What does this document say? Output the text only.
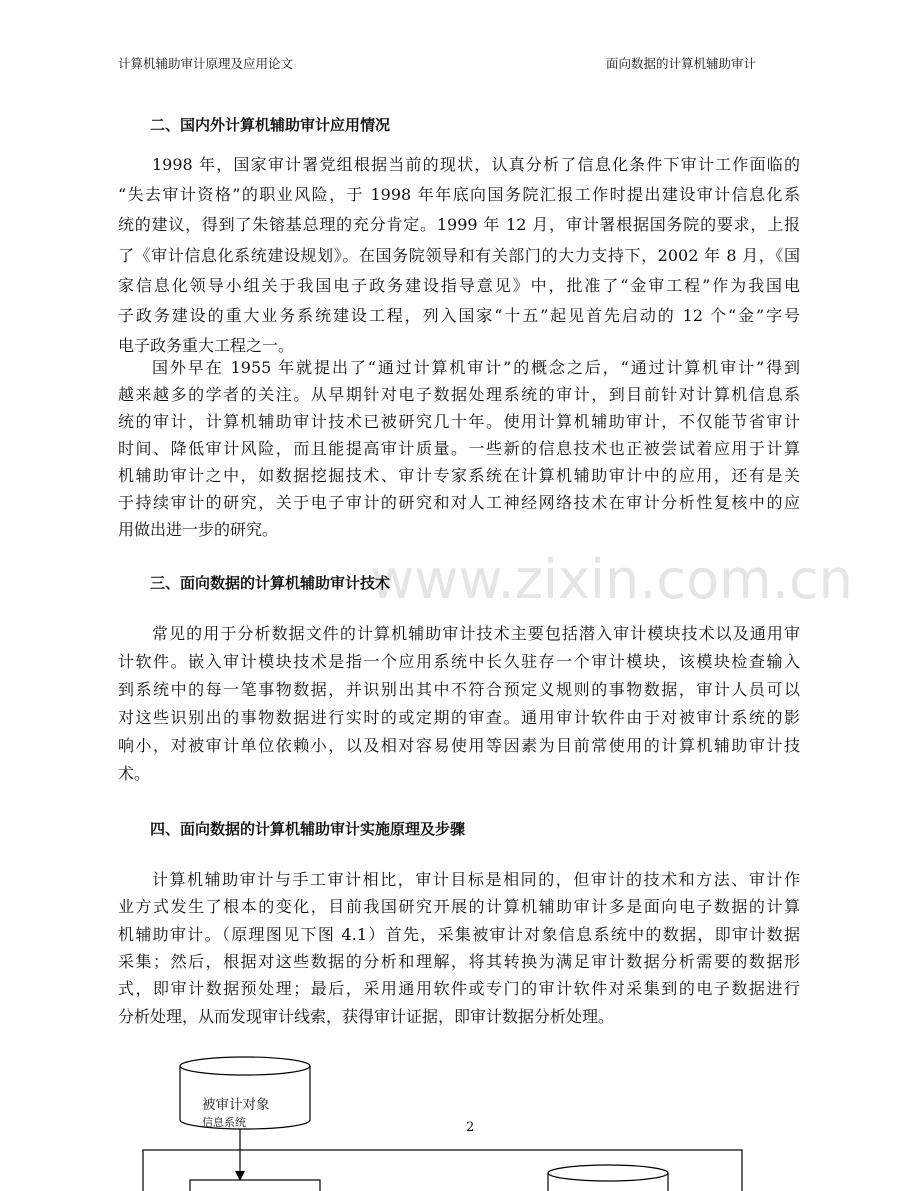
计算机辅助审计原理及应用论文	面向数据的计算机辅助审计
www.zixin.com.cn
二、国内外计算机辅助审计应用情况
1998 年，国家审计署党组根据当前的现状，认真分析了信息化条件下审计工作面临的
“失去审计资格”的职业风险，于 1998 年年底向国务院汇报工作时提出建设审计信息化系
统的建议，得到了朱镕基总理的充分肯定。1999 年 12 月，审计署根据国务院的要求，上报
了《审计信息化系统建设规划》。在国务院领导和有关部门的大力支持下，2002 年 8 月，《国
家信息化领导小组关于我国电子政务建设指导意见》中，批准了“金审工程”作为我国电
子政务建设的重大业务系统建设工程，列入国家“十五”起见首先启动的 12 个“金”字号
电子政务重大工程之一。
国外早在 1955 年就提出了“通过计算机审计”的概念之后，“通过计算机审计”得到
越来越多的学者的关注。从早期针对电子数据处理系统的审计，到目前针对计算机信息系
统的审计，计算机辅助审计技术已被研究几十年。使用计算机辅助审计，不仅能节省审计
时间、降低审计风险，而且能提高审计质量。一些新的信息技术也正被尝试着应用于计算
机辅助审计之中，如数据挖掘技术、审计专家系统在计算机辅助审计中的应用，还有是关
于持续审计的研究，关于电子审计的研究和对人工神经网络技术在审计分析性复核中的应
用做出进一步的研究。
三、面向数据的计算机辅助审计技术
常见的用于分析数据文件的计算机辅助审计技术主要包括潜入审计模块技术以及通用审
计软件。嵌入审计模块技术是指一个应用系统中长久驻存一个审计模块，该模块检查输入
到系统中的每一笔事物数据，并识别出其中不符合预定义规则的事物数据，审计人员可以
对这些识别出的事物数据进行实时的或定期的审查。通用审计软件由于对被审计系统的影
响小，对被审计单位依赖小，以及相对容易使用等因素为目前常使用的计算机辅助审计技
术。
四、面向数据的计算机辅助审计实施原理及步骤
计算机辅助审计与手工审计相比，审计目标是相同的，但审计的技术和方法、审计作
业方式发生了根本的变化，目前我国研究开展的计算机辅助审计多是面向电子数据的计算
机辅助审计。（原理图见下图 4.1）首先，采集被审计对象信息系统中的数据，即审计数据
采集；然后，根据对这些数据的分析和理解，将其转换为满足审计数据分析需要的数据形
式，即审计数据预处理；最后，采用通用软件或专门的审计软件对采集到的电子数据进行
分析处理，从而发现审计线索，获得审计证据，即审计数据分析处理。
被审计对象
2
